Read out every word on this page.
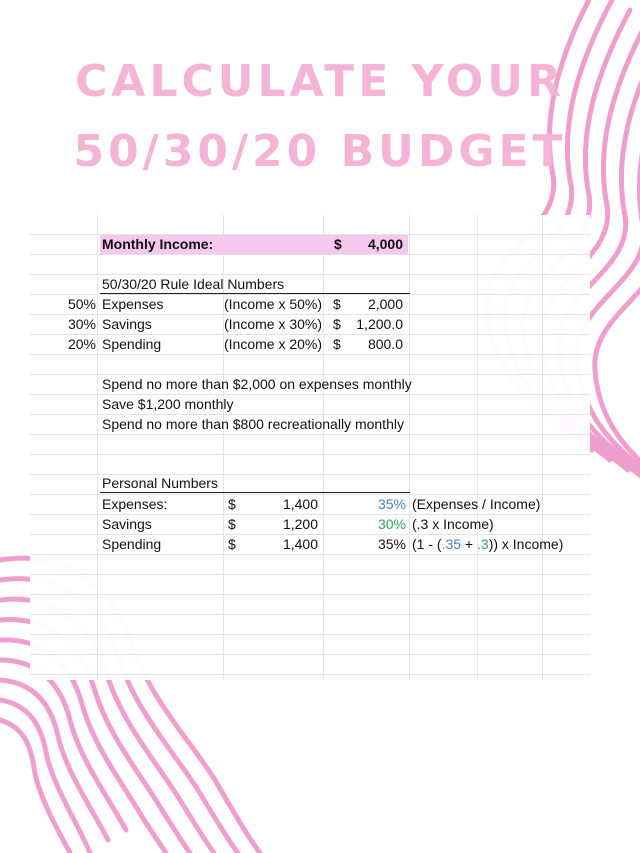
CALCULATE YOUR
50/30/20 BUDGET
Monthly Income:	$	4,000
50/30/20 Rule Ideal Numbers
50% Expenses	(Income x 50%) $	2,000
30% Savings	(Income x 30%) $	1,200.0
20% Spending	(Income x 20%) $	800.0
Spend no more than $2,000 on expenses monthly
Save $1,200 monthly
Spend no more than $800 recreationally monthly
Personal Numbers
Expenses:	$	1,400	35% (Expenses / Income)
Savings	$	1,200	30% (.3 x Income)
Spending	$	1,400	35% (1 - (.35 + .3)) x Income)
